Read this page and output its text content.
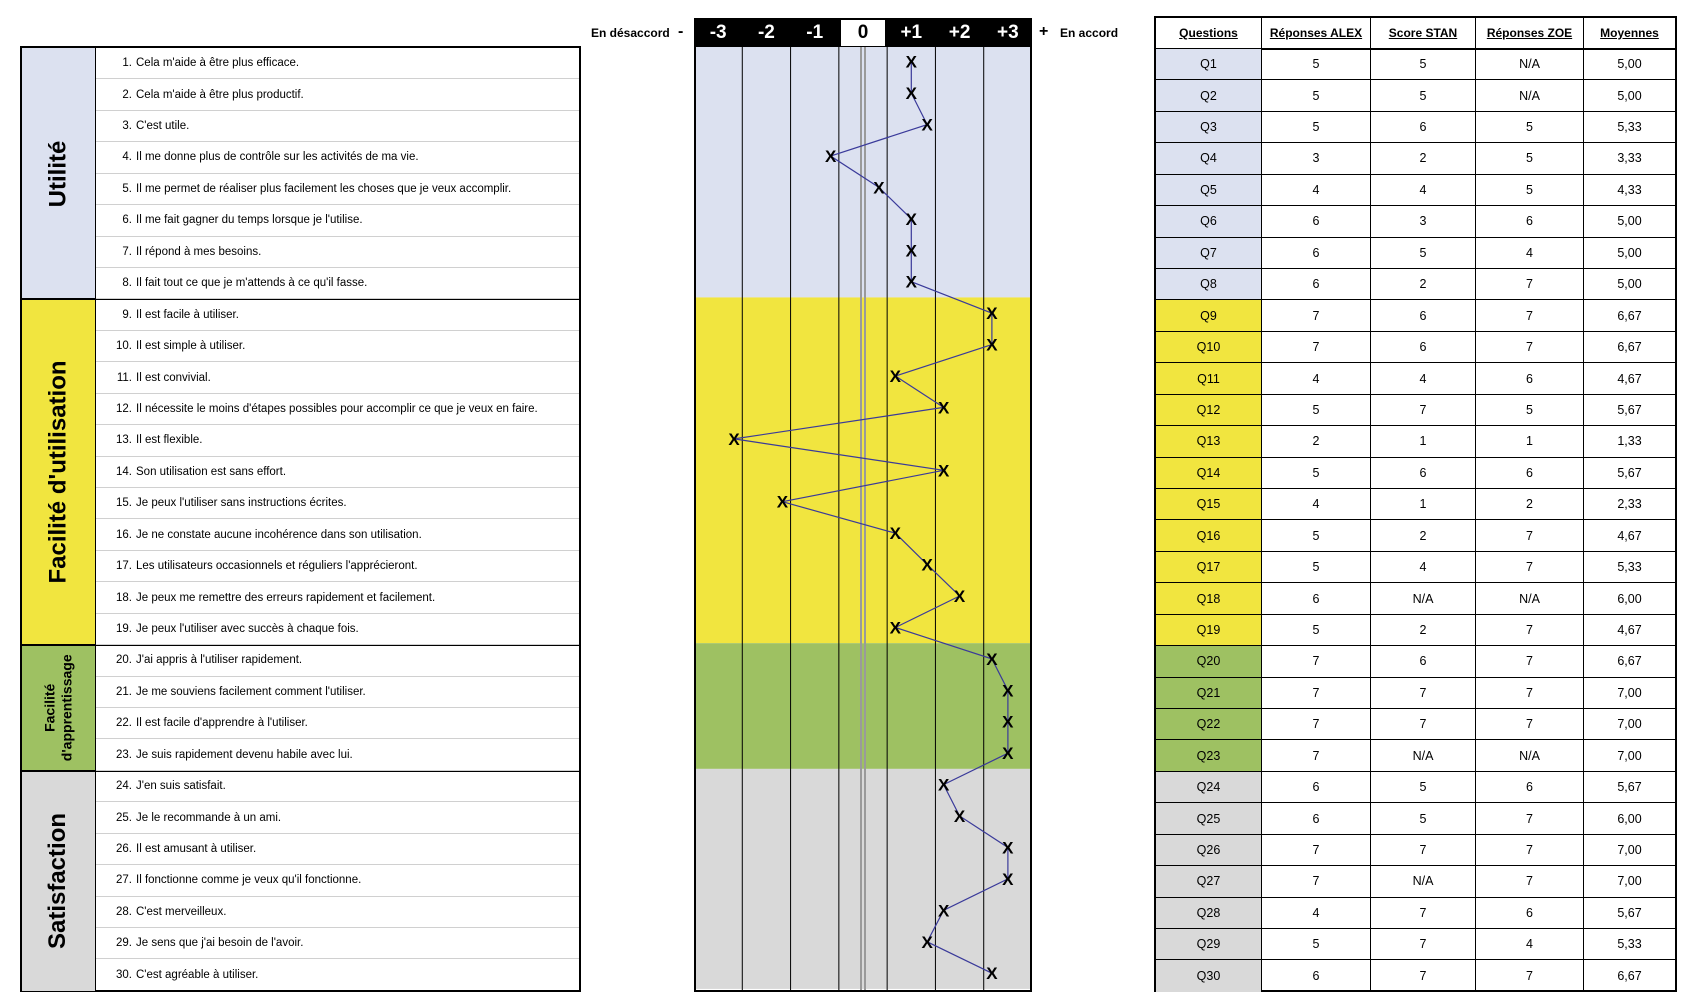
Utilité
Facilité d'utilisation
Facilité d'apprentissage
Satisfaction
1. Cela m'aide à être plus efficace.
2. Cela m'aide à être plus productif.
3. C'est utile.
4. Il me donne plus de contrôle sur les activités de ma vie.
5. Il me permet de réaliser plus facilement les choses que je veux accomplir.
6. Il me fait gagner du temps lorsque je l'utilise.
7. Il répond à mes besoins.
8. Il fait tout ce que je m'attends à ce qu'il fasse.
9. Il est facile à utiliser.
10. Il est simple à utiliser.
11. Il est convivial.
12. Il nécessite le moins d'étapes possibles pour accomplir ce que je veux en faire.
13. Il est flexible.
14. Son utilisation est sans effort.
15. Je peux l'utiliser sans instructions écrites.
16. Je ne constate aucune incohérence dans son utilisation.
17. Les utilisateurs occasionnels et réguliers l'apprécieront.
18. Je peux me remettre des erreurs rapidement et facilement.
19. Je peux l'utiliser avec succès à chaque fois.
20. J'ai appris à l'utiliser rapidement.
21. Je me souviens facilement comment l'utiliser.
22. Il est facile d'apprendre à l'utiliser.
23. Je suis rapidement devenu habile avec lui.
24. J'en suis satisfait.
25. Je le recommande à un ami.
26. Il est amusant à utiliser.
27. Il fonctionne comme je veux qu'il fonctionne.
28. C'est merveilleux.
29. Je sens que j'ai besoin de l'avoir.
30. C'est agréable à utiliser.
En désaccord -	+ En accord
-3	-2	-1	0	+1	+2	+3
X
X
X
X
X
X
X
X
X
X
X
X
X
X
X
X
X
X
X
X
X
X
X
X
X
X
X
X
X
X
Questions	Réponses ALEX	Score STAN	Réponses ZOE	Moyennes
Q1	5	5	N/A	5,00
Q2	5	5	N/A	5,00
Q3	5	6	5	5,33
Q4	3	2	5	3,33
Q5	4	4	5	4,33
Q6	6	3	6	5,00
Q7	6	5	4	5,00
Q8	6	2	7	5,00
Q9	7	6	7	6,67
Q10	7	6	7	6,67
Q11	4	4	6	4,67
Q12	5	7	5	5,67
Q13	2	1	1	1,33
Q14	5	6	6	5,67
Q15	4	1	2	2,33
Q16	5	2	7	4,67
Q17	5	4	7	5,33
Q18	6	N/A	N/A	6,00
Q19	5	2	7	4,67
Q20	7	6	7	6,67
Q21	7	7	7	7,00
Q22	7	7	7	7,00
Q23	7	N/A	N/A	7,00
Q24	6	5	6	5,67
Q25	6	5	7	6,00
Q26	7	7	7	7,00
Q27	7	N/A	7	7,00
Q28	4	7	6	5,67
Q29	5	7	4	5,33
Q30	6	7	7	6,67
